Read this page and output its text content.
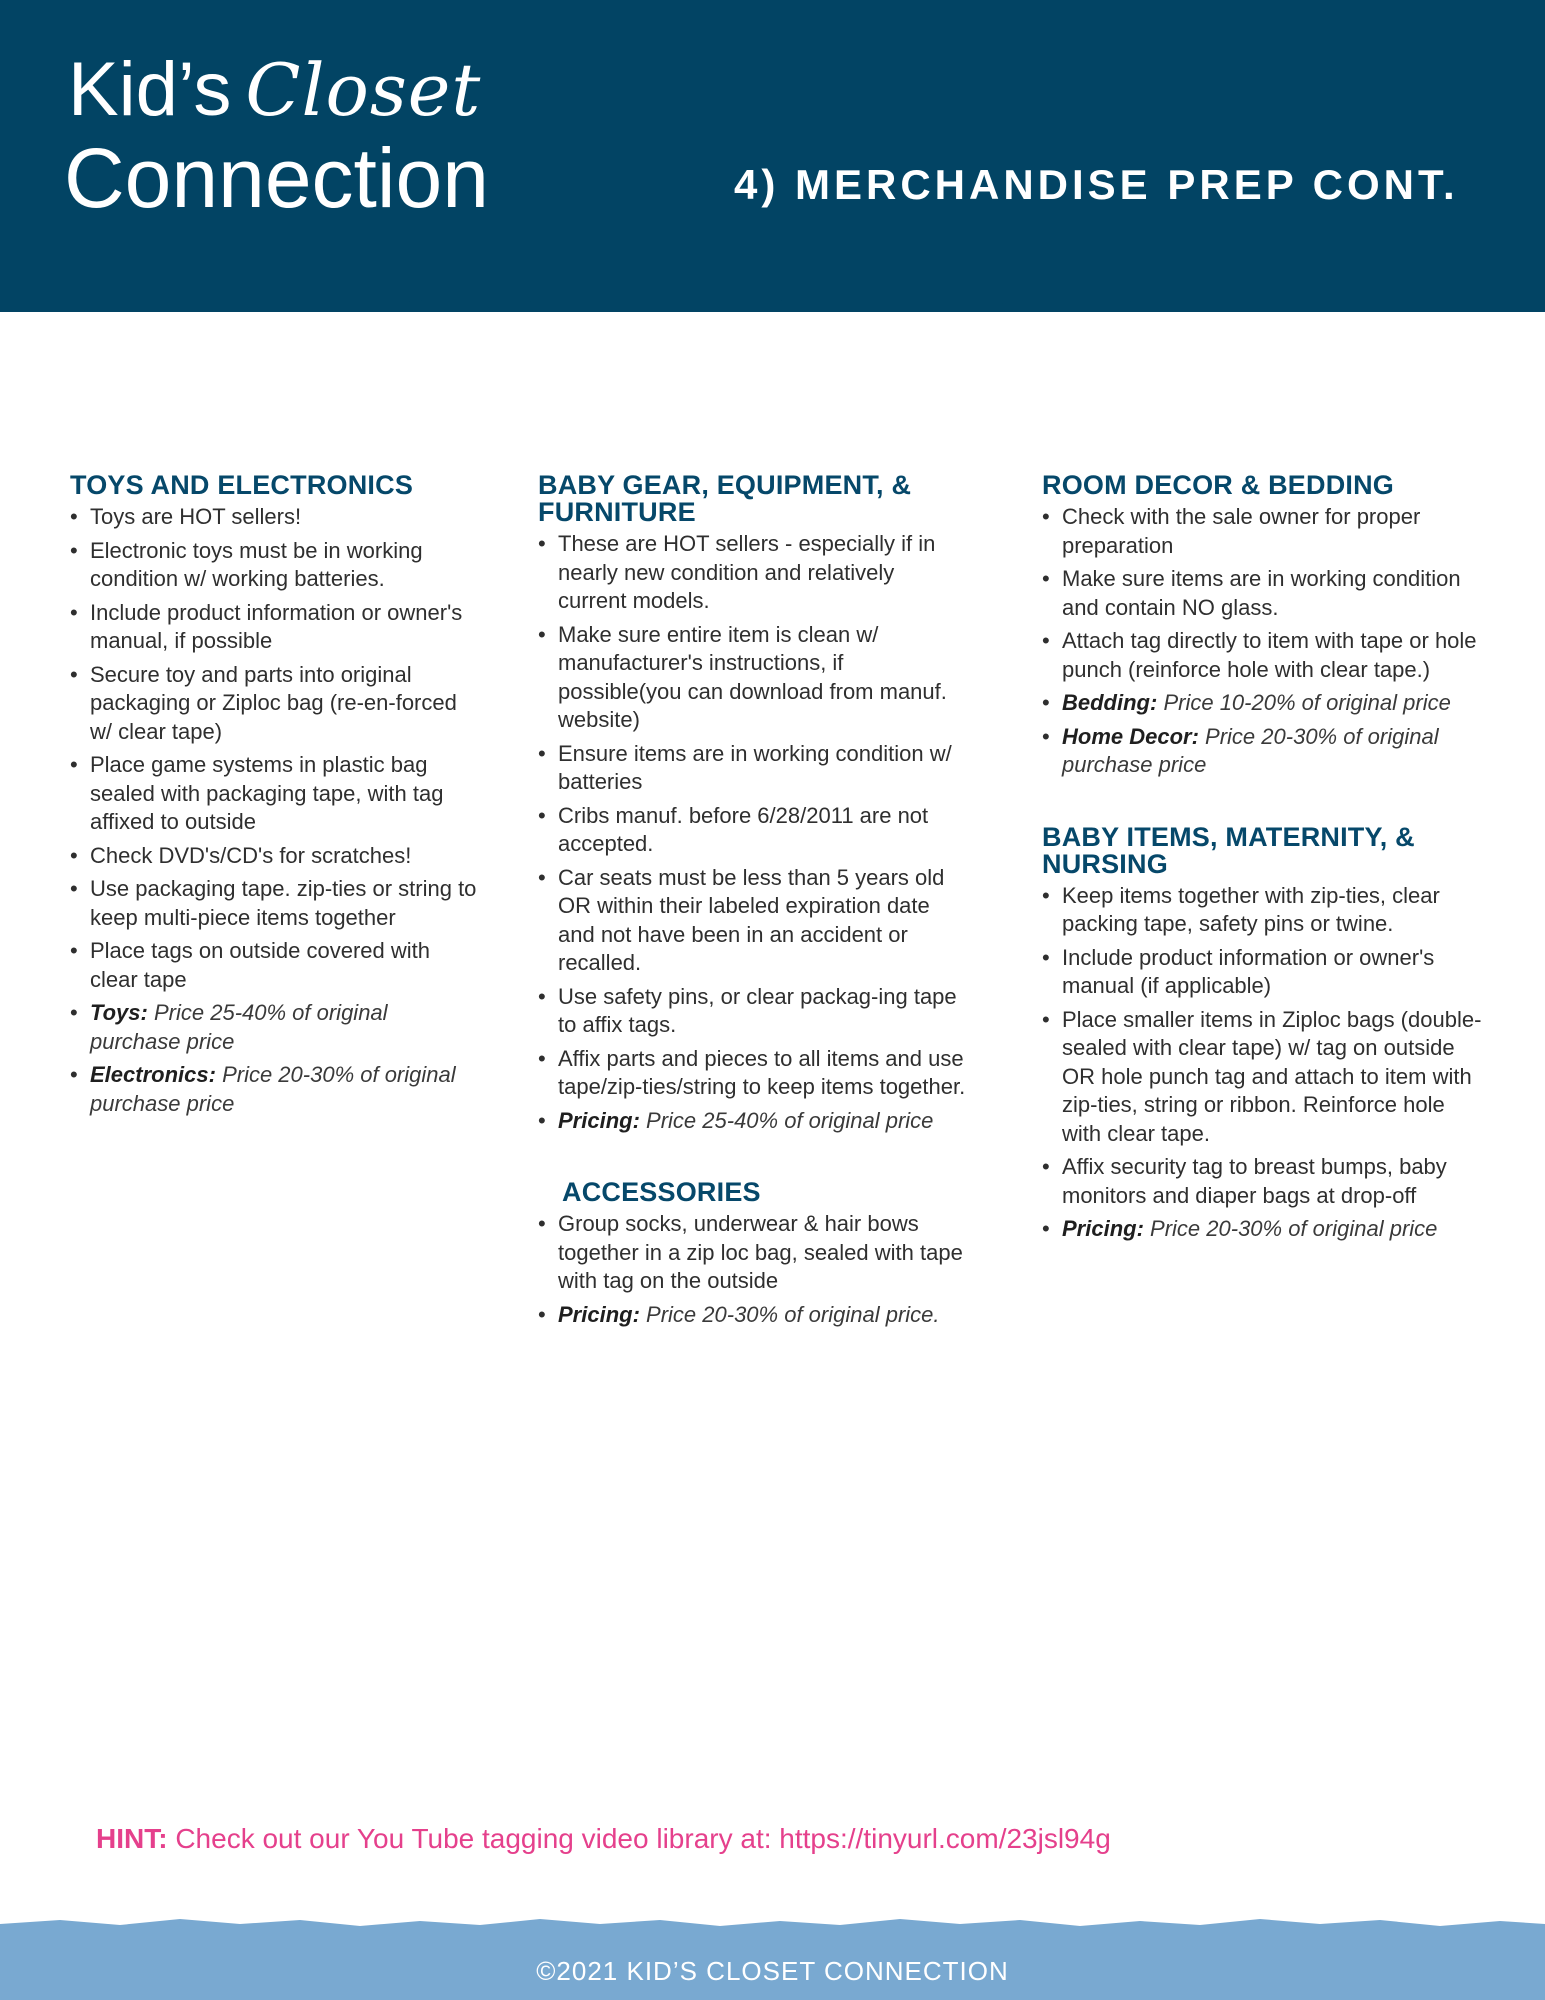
Kid’s Closet
Connection	4) MERCHANDISE PREP CONT.
TOYS AND ELECTRONICS
• Toys are HOT sellers!
• Electronic toys must be in working condition w/ working batteries.
• Include product information or owner's manual, if possible
• Secure toy and parts into original packaging or Ziploc bag (re-en-forced w/ clear tape)
• Place game systems in plastic bag sealed with packaging tape, with tag affixed to outside
• Check DVD's/CD's for scratches!
• Use packaging tape. zip-ties or string to keep multi-piece items together
• Place tags on outside covered with clear tape
• Toys: Price 25-40% of original purchase price
• Electronics: Price 20-30% of original purchase price
BABY GEAR, EQUIPMENT, & FURNITURE
• These are HOT sellers - especially if in nearly new condition and relatively current models.
• Make sure entire item is clean w/ manufacturer's instructions, if possible(you can download from manuf. website)
• Ensure items are in working condition w/ batteries
• Cribs manuf. before 6/28/2011 are not accepted.
• Car seats must be less than 5 years old OR within their labeled expiration date and not have been in an accident or recalled.
• Use safety pins, or clear packag-ing tape to affix tags.
• Affix parts and pieces to all items and use tape/zip-ties/string to keep items together.
• Pricing: Price 25-40% of original price
ACCESSORIES
• Group socks, underwear & hair bows together in a zip loc bag, sealed with tape with tag on the outside
• Pricing: Price 20-30% of original price.
ROOM DECOR & BEDDING
• Check with the sale owner for proper preparation
• Make sure items are in working condition and contain NO glass.
• Attach tag directly to item with tape or hole punch (reinforce hole with clear tape.)
• Bedding: Price 10-20% of original price
• Home Decor: Price 20-30% of original purchase price
BABY ITEMS, MATERNITY, & NURSING
• Keep items together with zip-ties, clear packing tape, safety pins or twine.
• Include product information or owner's manual (if applicable)
• Place smaller items in Ziploc bags (double-sealed with clear tape) w/ tag on outside OR hole punch tag and attach to item with zip-ties, string or ribbon. Reinforce hole with clear tape.
• Affix security tag to breast bumps, baby monitors and diaper bags at drop-off
• Pricing: Price 20-30% of original price
HINT: Check out our You Tube tagging video library at: https://tinyurl.com/23jsl94g
©2021 KID’S CLOSET CONNECTION
